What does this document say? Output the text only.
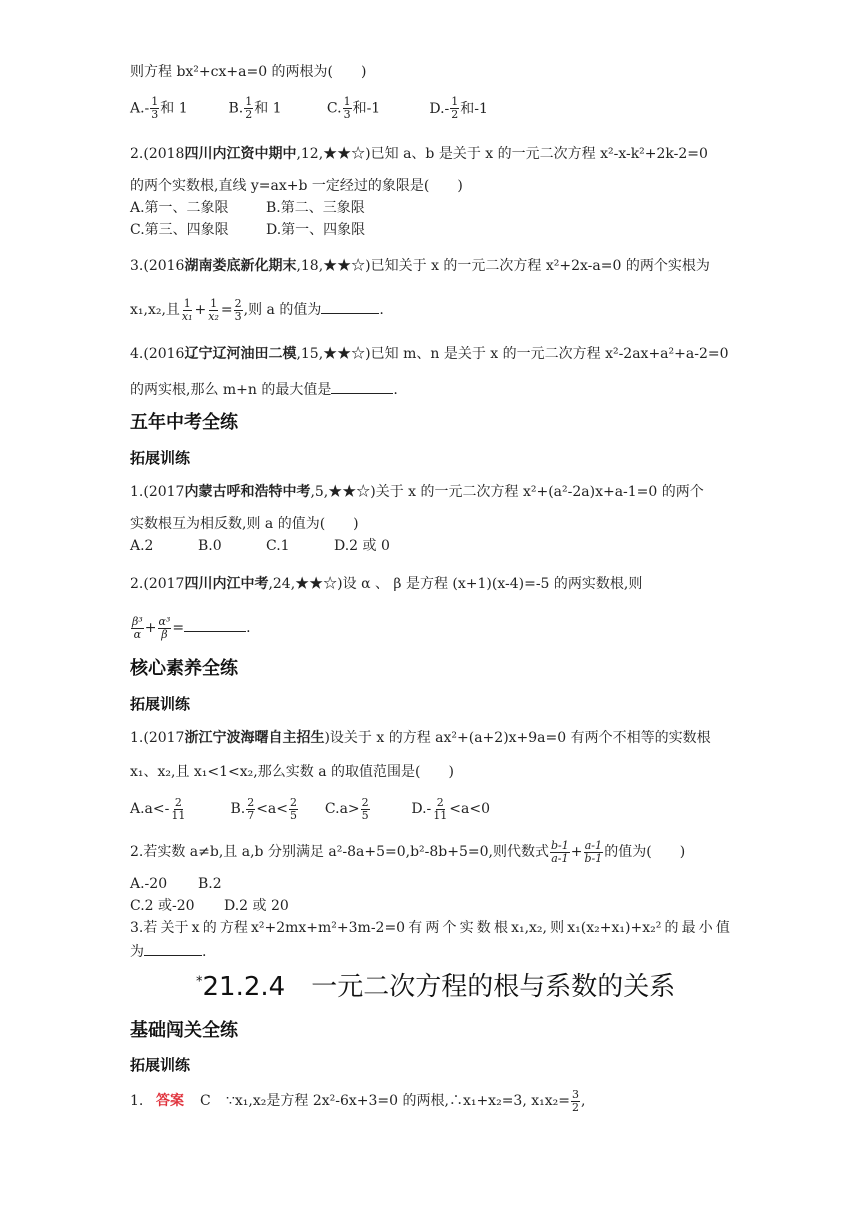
则方程 bx²+cx+a=0 的两根为(　　)
$A.- \frac{1}{3}$ 和 1	B. $\frac{1}{2}$ 和 1	C. $\frac{1}{3}$ 和-1	$D.- \frac{1}{2}$ 和-1
2.(2018四川内江资中期中,12,★★☆)已知 a、b 是关于 x 的一元二次方程 x²-x-k²+2k-2=0
的两个实数根,直线 y=ax+b 一定经过的象限是(　　)
A.第一、二象限	B.第二、三象限
C.第三、四象限	D.第一、四象限
3.(2016湖南娄底新化期末,18,★★☆)已知关于 x 的一元二次方程 x²+2x-a=0 的两个实根为
x₁,x₂,且 $\frac{1}{\text{x₁}} + \frac{1}{\text{x₂}} = \frac{2}{3}$ ,则 a 的值为	.
4.(2016辽宁辽河油田二模,15,★★☆)已知 m、n 是关于 x 的一元二次方程 x²-2ax+a²+a-2=0
的两实根,那么 m+n 的最大值是	.
五年中考全练
拓展训练
1.(2017内蒙古呼和浩特中考,5,★★☆)关于 x 的一元二次方程 x²+(a²-2a)x+a-1=0 的两个
实数根互为相反数,则 a 的值为(　　)
A.2	B.0	C.1	D.2 或 0
2.(2017四川内江中考,24,★★☆)设 α 、 β 是方程 (x+1)(x-4)=-5 的两实数根,则
$\frac{\text{β³}}{\alpha} + \frac{\text{α³}}{\beta}$ =	.
核心素养全练
拓展训练
1.(2017浙江宁波海曙自主招生)设关于 x 的方程 ax²+(a+2)x+9a=0 有两个不相等的实数根
x₁、x₂,且 x₁<1<x₂,那么实数 a 的取值范围是(　　)
$A.a<- \frac{2}{11}$	B. $\frac{2}{7} <a< \frac{2}{5} C.a> \frac{2}{5}$	$D.- \frac{2}{11} <a<0$
2.若实数 a≠b,且 a,b 分别满足 a²-8a+5=0,b²-8b+5=0,则代数式 $\frac{b-1}{a-1} + \frac{a-1}{b-1}$ 的值为(　　)
A.-20 B.2
C.2 或-20 D.2 或 20
3.若 关于 x 的 方程 x²+2mx+m²+3m-2=0 有 两 个 实 数 根 x₁,x₂, 则 x₁(x₂+x₁)+x₂² 的 最 小 值
为	.
*21.2.4　一元二次方程的根与系数的关系
基础闯关全练
拓展训练
1. 答案 C ∵x₁,x₂是方程 2x²-6x+3=0 的两根,∴x₁+x₂=3, $x_1x_2= \frac{3}{2}$ ,
